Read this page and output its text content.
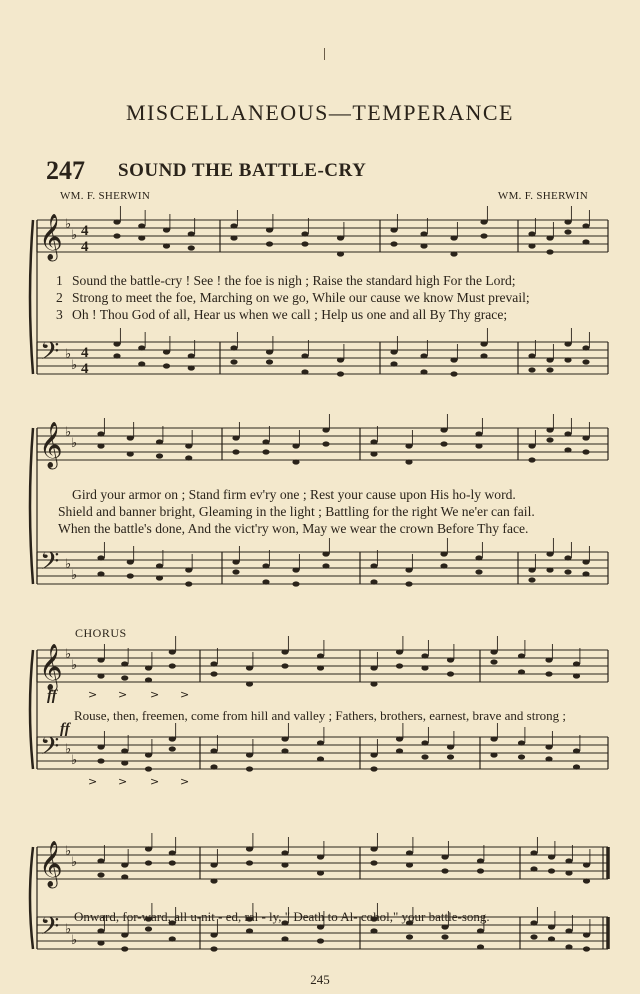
MISCELLANEOUS—TEMPERANCE
247 SOUND THE BATTLE-CRY
WM. F. SHERWIN	WM. F. SHERWIN
𝄞 ♭
♭ 4
4
𝄢 ♭
♭
4
4
𝄞 ♭
♭
𝄢 ♭
♭
𝄞 ♭
♭
𝄢 ♭
♭
ff
ff
>
>
>
>
>
>
>
>
𝄞 ♭
♭
𝄢 ♭
♭
1 Sound the battle-cry ! See ! the foe is nigh ; Raise the standard high For the Lord;
2 Strong to meet the foe, Marching on we go, While our cause we know Must prevail;
3 Oh ! Thou God of all, Hear us when we call ; Help us one and all By Thy grace;
Gird your armor on ; Stand firm ev'ry one ; Rest your cause upon His ho-ly word.
Shield and banner bright, Gleaming in the light ; Battling for the right We ne'er can fail.
When the battle's done, And the vict'ry won, May we wear the crown Before Thy face.
CHORUS
Rouse, then, freemen, come from hill and valley ; Fathers, brothers, earnest, brave and strong ;
Onward, for-ward, all u-nit - ed, ral - ly, " Death to Al- cohol," your battle-song.
245
